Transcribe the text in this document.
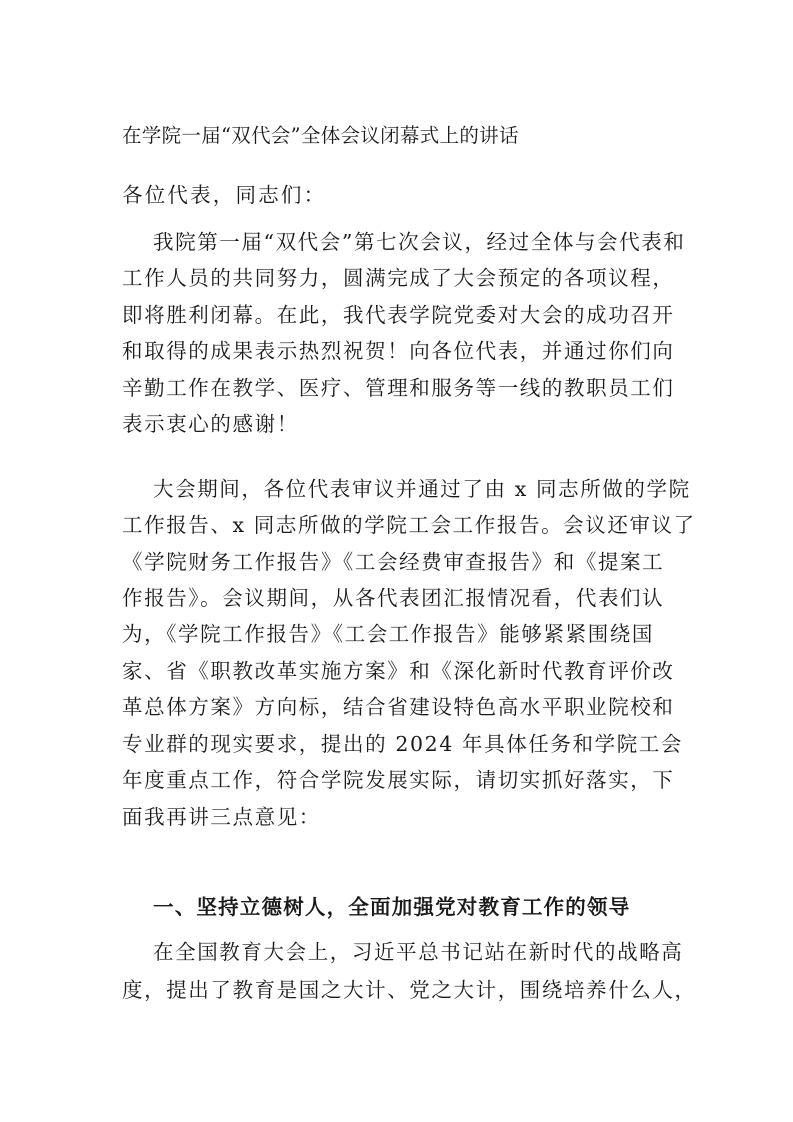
在学院一届“双代会”全体会议闭幕式上的讲话
各位代表，同志们：
我院第一届“双代会”第七次会议，经过全体与会代表和
工作人员的共同努力，圆满完成了大会预定的各项议程，
即将胜利闭幕。在此，我代表学院党委对大会的成功召开
和取得的成果表示热烈祝贺！向各位代表，并通过你们向
辛勤工作在教学、医疗、管理和服务等一线的教职员工们
表示衷心的感谢！
大会期间，各位代表审议并通过了由 x 同志所做的学院
工作报告、x 同志所做的学院工会工作报告。会议还审议了
《学院财务工作报告》《工会经费审查报告》和《提案工
作报告》。会议期间，从各代表团汇报情况看，代表们认
为，《学院工作报告》《工会工作报告》能够紧紧围绕国
家、省《职教改革实施方案》和《深化新时代教育评价改
革总体方案》方向标，结合省建设特色高水平职业院校和
专业群的现实要求，提出的 2024 年具体任务和学院工会
年度重点工作，符合学院发展实际，请切实抓好落实，下
面我再讲三点意见：
一、坚持立德树人，全面加强党对教育工作的领导
在全国教育大会上，习近平总书记站在新时代的战略高
度，提出了教育是国之大计、党之大计，围绕培养什么人，
